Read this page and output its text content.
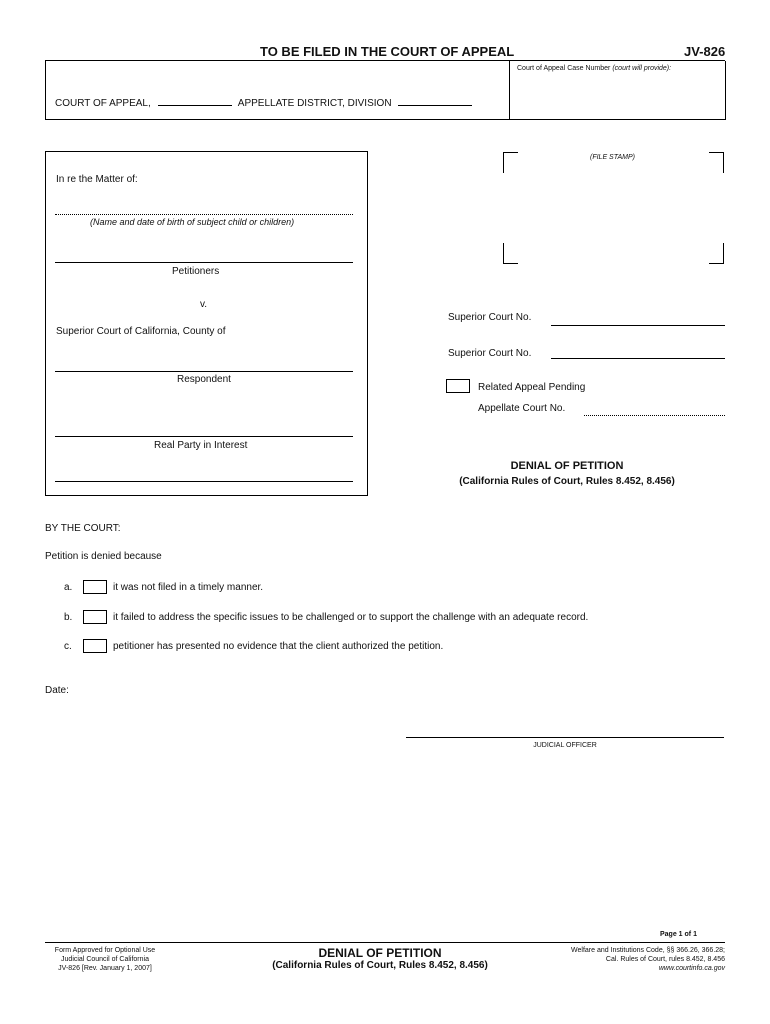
TO BE FILED IN THE COURT OF APPEAL	JV-826
Court of Appeal Case Number (court will provide):
COURT OF APPEAL,	APPELLATE DISTRICT, DIVISION
In re the Matter of:
(Name and date of birth of subject child or children)
Petitioners
v.
Superior Court of California, County of
Respondent
Real Party in Interest
(FILE STAMP)
Superior Court No.
Superior Court No.
Related Appeal Pending
Appellate Court No.
DENIAL OF PETITION
(California Rules of Court, Rules 8.452, 8.456)
BY THE COURT:
Petition is denied because
a.	it was not filed in a timely manner.
b.	it failed to address the specific issues to be challenged or to support the challenge with an adequate record.
c.	petitioner has presented no evidence that the client authorized the petition.
Date:
JUDICIAL OFFICER
Page 1 of 1
Form Approved for Optional Use
Judicial Council of California
JV-826 [Rev. January 1, 2007]
DENIAL OF PETITION
(California Rules of Court, Rules 8.452, 8.456)
Welfare and Institutions Code, §§ 366.26, 366.28;
Cal. Rules of Court, rules 8.452, 8.456
www.courtinfo.ca.gov
